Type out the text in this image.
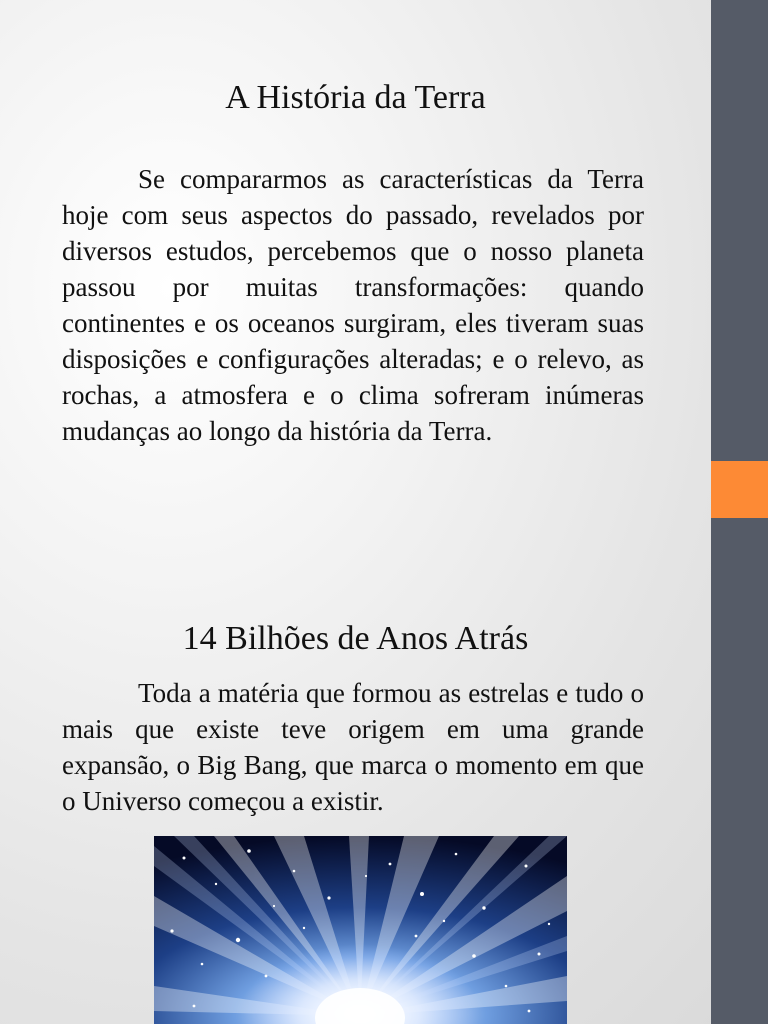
A História da Terra

Se compararmos as características da Terra hoje com seus aspectos do passado, revelados por diversos estudos, percebemos que o nosso planeta passou por muitas transformações: quando continentes e os oceanos surgiram, eles tiveram suas disposições e configurações alteradas; e o relevo, as rochas, a atmosfera e o clima sofreram inúmeras mudanças ao longo da história da Terra.

14 Bilhões de Anos Atrás

Toda a matéria que formou as estrelas e tudo o mais que existe teve origem em uma grande expansão, o Big Bang, que marca o momento em que o Universo começou a existir.
